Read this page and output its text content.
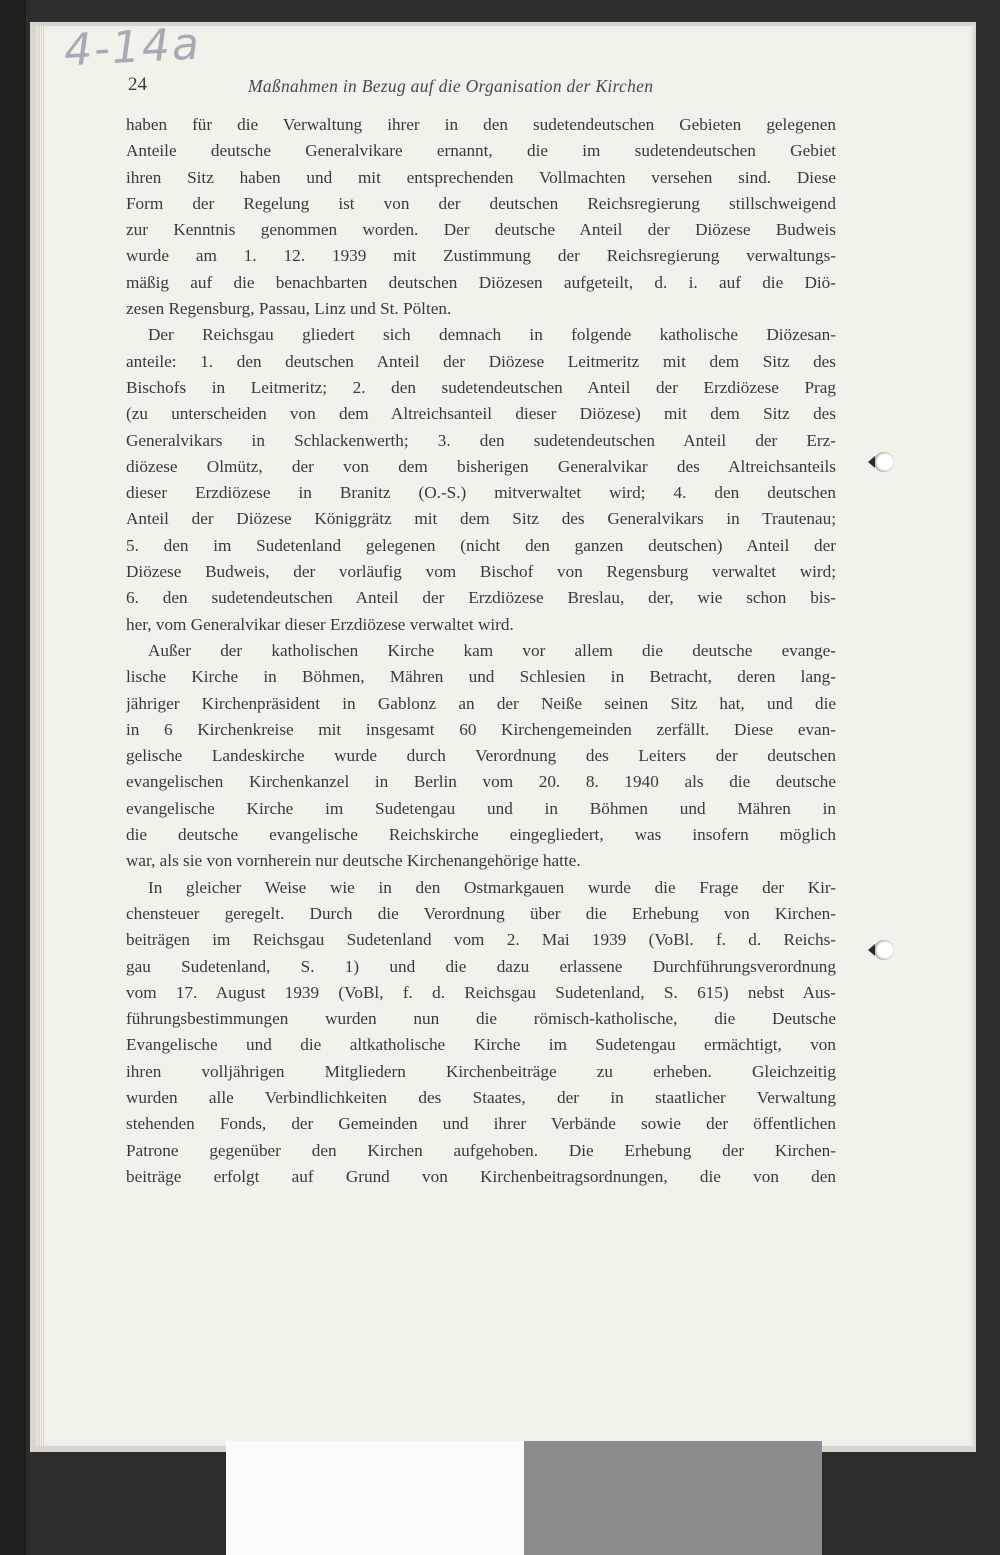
4-14a
24	Maßnahmen in Bezug auf die Organisation der Kirchen
haben für die Verwaltung ihrer in den sudetendeutschen Gebieten gelegenen
Anteile deutsche Generalvikare ernannt, die im sudetendeutschen Gebiet
ihren Sitz haben und mit entsprechenden Vollmachten versehen sind. Diese
Form der Regelung ist von der deutschen Reichsregierung stillschweigend
zur Kenntnis genommen worden. Der deutsche Anteil der Diözese Budweis
wurde am 1. 12. 1939 mit Zustimmung der Reichsregierung verwaltungs-
mäßig auf die benachbarten deutschen Diözesen aufgeteilt, d. i. auf die Diö-
zesen Regensburg, Passau, Linz und St. Pölten.
Der Reichsgau gliedert sich demnach in folgende katholische Diözesan-
anteile: 1. den deutschen Anteil der Diözese Leitmeritz mit dem Sitz des
Bischofs in Leitmeritz; 2. den sudetendeutschen Anteil der Erzdiözese Prag
(zu unterscheiden von dem Altreichsanteil dieser Diözese) mit dem Sitz des
Generalvikars in Schlackenwerth; 3. den sudetendeutschen Anteil der Erz-
diözese Olmütz, der von dem bisherigen Generalvikar des Altreichsanteils
dieser Erzdiözese in Branitz (O.-S.) mitverwaltet wird; 4. den deutschen
Anteil der Diözese Königgrätz mit dem Sitz des Generalvikars in Trautenau;
5. den im Sudetenland gelegenen (nicht den ganzen deutschen) Anteil der
Diözese Budweis, der vorläufig vom Bischof von Regensburg verwaltet wird;
6. den sudetendeutschen Anteil der Erzdiözese Breslau, der, wie schon bis-
her, vom Generalvikar dieser Erzdiözese verwaltet wird.
Außer der katholischen Kirche kam vor allem die deutsche evange-
lische Kirche in Böhmen, Mähren und Schlesien in Betracht, deren lang-
jähriger Kirchenpräsident in Gablonz an der Neiße seinen Sitz hat, und die
in 6 Kirchenkreise mit insgesamt 60 Kirchengemeinden zerfällt. Diese evan-
gelische Landeskirche wurde durch Verordnung des Leiters der deutschen
evangelischen Kirchenkanzel in Berlin vom 20. 8. 1940 als die deutsche
evangelische Kirche im Sudetengau und in Böhmen und Mähren in
die deutsche evangelische Reichskirche eingegliedert, was insofern möglich
war, als sie von vornherein nur deutsche Kirchenangehörige hatte.
In gleicher Weise wie in den Ostmarkgauen wurde die Frage der Kir-
chensteuer geregelt. Durch die Verordnung über die Erhebung von Kirchen-
beiträgen im Reichsgau Sudetenland vom 2. Mai 1939 (VoBl. f. d. Reichs-
gau Sudetenland, S. 1) und die dazu erlassene Durchführungsverordnung
vom 17. August 1939 (VoBl, f. d. Reichsgau Sudetenland, S. 615) nebst Aus-
führungsbestimmungen wurden nun die römisch-katholische, die Deutsche
Evangelische und die altkatholische Kirche im Sudetengau ermächtigt, von
ihren volljährigen Mitgliedern Kirchenbeiträge zu erheben. Gleichzeitig
wurden alle Verbindlichkeiten des Staates, der in staatlicher Verwaltung
stehenden Fonds, der Gemeinden und ihrer Verbände sowie der öffentlichen
Patrone gegenüber den Kirchen aufgehoben. Die Erhebung der Kirchen-
beiträge erfolgt auf Grund von Kirchenbeitragsordnungen, die von den
